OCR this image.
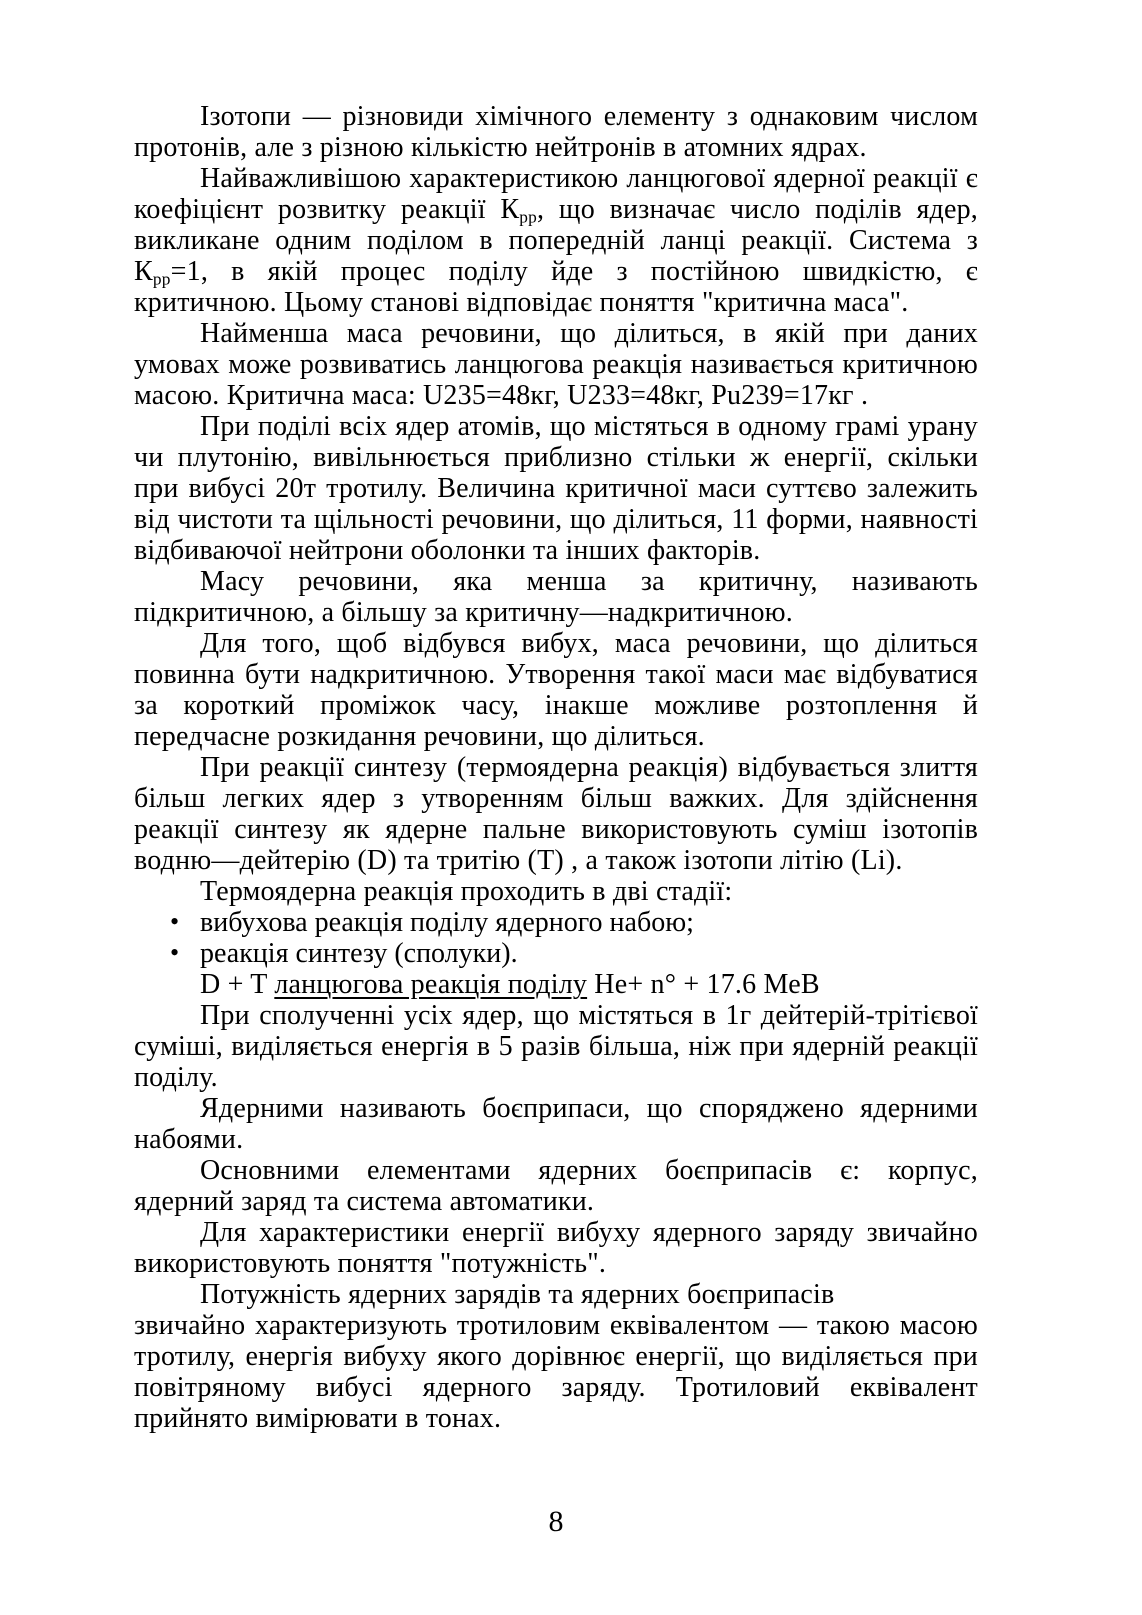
Ізотопи — різновиди хімічного елементу з однаковим числом протонів, але з різною кількістю нейтронів в атомних ядрах.

Найважливішою характеристикою ланцюгової ядерної реакції є коефіцієнт розвитку реакції $К_{рр}$, що визначає число поділів ядер, викликане одним поділом в попередній ланці реакції. Система з $К_{рр}=1$, в якій процес поділу йде з постійною швидкістю, є критичною. Цьому станові відповідає поняття "критична маса".

Найменша маса речовини, що ділиться, в якій при даних умовах може розвиватись ланцюгова реакція називається критичною масою. Критична маса: U235=48кг, U233=48кг, Pu239=17кг .

При поділі всіх ядер атомів, що містяться в одному грамі урану чи плутонію, вивільнюється приблизно стільки ж енергії, скільки при вибусі 20т тротилу. Величина критичної маси суттєво залежить від чистоти та щільності речовини, що ділиться, 11 форми, наявності відбиваючої нейтрони оболонки та інших факторів.

Масу речовини, яка менша за критичну, називають підкритичною, а більшу за критичну—надкритичною.

Для того, щоб відбувся вибух, маса речовини, що ділиться повинна бути надкритичною. Утворення такої маси має відбуватися за короткий проміжок часу, інакше можливе розтоплення й передчасне розкидання речовини, що ділиться.

При реакції синтезу (термоядерна реакція) відбувається злиття більш легких ядер з утворенням більш важких. Для здійснення реакції синтезу як ядерне пальне використовують суміш ізотопів водню—дейтерію (D) та тритію (Т) , а також ізотопи літію (Li).

Термоядерна реакція проходить в дві стадії:

• вибухова реакція поділу ядерного набою;
• реакція синтезу (сполуки).

D + T ланцюгова реакція поділу He+ n° + 17.6 МеВ

При сполученні усіх ядер, що містяться в 1г дейтерій-трітієвої суміші, виділяється енергія в 5 разів більша, ніж при ядерній реакції поділу.

Ядерними називають боєприпаси, що споряджено ядерними набоями.

Основними елементами ядерних боєприпасів є: корпус, ядерний заряд та система автоматики.

Для характеристики енергії вибуху ядерного заряду звичайно використовують поняття "потужність".

Потужність ядерних зарядів та ядерних боєприпасів

звичайно характеризують тротиловим еквівалентом — такою масою тротилу, енергія вибуху якого дорівнює енергії, що виділяється при повітряному вибусі ядерного заряду. Тротиловий еквівалент прийнято вимірювати в тонах.

8
